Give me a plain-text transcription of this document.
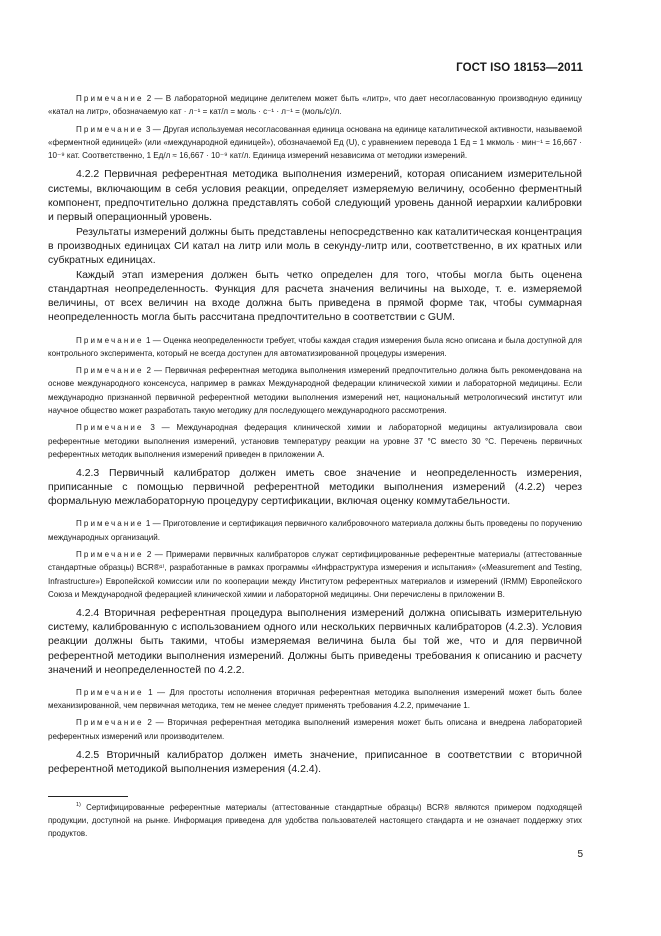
ГОСТ ISO 18153—2011

Примечание 2 — В лабораторной медицине делителем может быть «литр», что дает несогласованную производную единицу «катал на литр», обозначаемую кат · л⁻¹ = кат/л = моль · с⁻¹ · л⁻¹ = (моль/с)/л.

Примечание 3 — Другая используемая несогласованная единица основана на единице каталитической активности, называемой «ферментной единицей» (или «международной единицей»), обозначаемой Ед (U), с уравнением перевода 1 Ед = 1 мкмоль · мин⁻¹ = 16,667 · 10⁻⁹ кат. Соответственно, 1 Ед/л ≈ 16,667 · 10⁻⁹ кат/л. Единица измерений независима от методики измерений.

4.2.2 Первичная референтная методика выполнения измерений, которая описанием измерительной системы, включающим в себя условия реакции, определяет измеряемую величину, особенно ферментный компонент, предпочтительно должна представлять собой следующий уровень данной иерархии калибровки и первый операционный уровень.

Результаты измерений должны быть представлены непосредственно как каталитическая концентрация в производных единицах СИ катал на литр или моль в секунду-литр или, соответственно, в их кратных или субкратных единицах.

Каждый этап измерения должен быть четко определен для того, чтобы могла быть оценена стандартная неопределенность. Функция для расчета значения величины на выходе, т. е. измеряемой величины, от всех величин на входе должна быть приведена в прямой форме так, чтобы суммарная неопределенность могла быть рассчитана предпочтительно в соответствии с GUM.

Примечание 1 — Оценка неопределенности требует, чтобы каждая стадия измерения была ясно описана и была доступной для контрольного эксперимента, который не всегда доступен для автоматизированной процедуры измерения.

Примечание 2 — Первичная референтная методика выполнения измерений предпочтительно должна быть рекомендована на основе международного консенсуса, например в рамках Международной федерации клинической химии и лабораторной медицины. Если международно признанной первичной референтной методики выполнения измерений нет, национальный метрологический институт или научное общество может разработать такую методику для последующего международного рассмотрения.

Примечание 3 — Международная федерация клинической химии и лабораторной медицины актуализировала свои референтные методики выполнения измерений, установив температуру реакции на уровне 37 °С вместо 30 °С. Перечень первичных референтных методик выполнения измерений приведен в приложении А.

4.2.3 Первичный калибратор должен иметь свое значение и неопределенность измерения, приписанные с помощью первичной референтной методики выполнения измерений (4.2.2) через формальную межлабораторную процедуру сертификации, включая оценку коммутабельности.

Примечание 1 — Приготовление и сертификация первичного калибровочного материала должны быть проведены по поручению международных организаций.

Примечание 2 — Примерами первичных калибраторов служат сертифицированные референтные материалы (аттестованные стандартные образцы) BCR®¹⁾, разработанные в рамках программы «Инфраструктура измерения и испытания» («Measurement and Testing, Infrastructure») Европейской комиссии или по кооперации между Институтом референтных материалов и измерений (IRMM) Европейского Союза и Международной федерацией клинической химии и лабораторной медицины. Они перечислены в приложении В.

4.2.4 Вторичная референтная процедура выполнения измерений должна описывать измерительную систему, калиброванную с использованием одного или нескольких первичных калибраторов (4.2.3). Условия реакции должны быть такими, чтобы измеряемая величина была бы той же, что и для первичной референтной методики выполнения измерений. Должны быть приведены требования к описанию и расчету значений и неопределенностей по 4.2.2.

Примечание 1 — Для простоты исполнения вторичная референтная методика выполнения измерений может быть более механизированной, чем первичная методика, тем не менее следует применять требования 4.2.2, примечание 1.

Примечание 2 — Вторичная референтная методика выполнений измерения может быть описана и внедрена лабораторией референтных измерений или производителем.

4.2.5 Вторичный калибратор должен иметь значение, приписанное в соответствии с вторичной референтной методикой выполнения измерения (4.2.4).

$^{1)}$ Сертифицированные референтные материалы (аттестованные стандартные образцы) BCR® являются примером подходящей продукции, доступной на рынке. Информация приведена для удобства пользователей настоящего стандарта и не означает поддержку этих продуктов.

5
